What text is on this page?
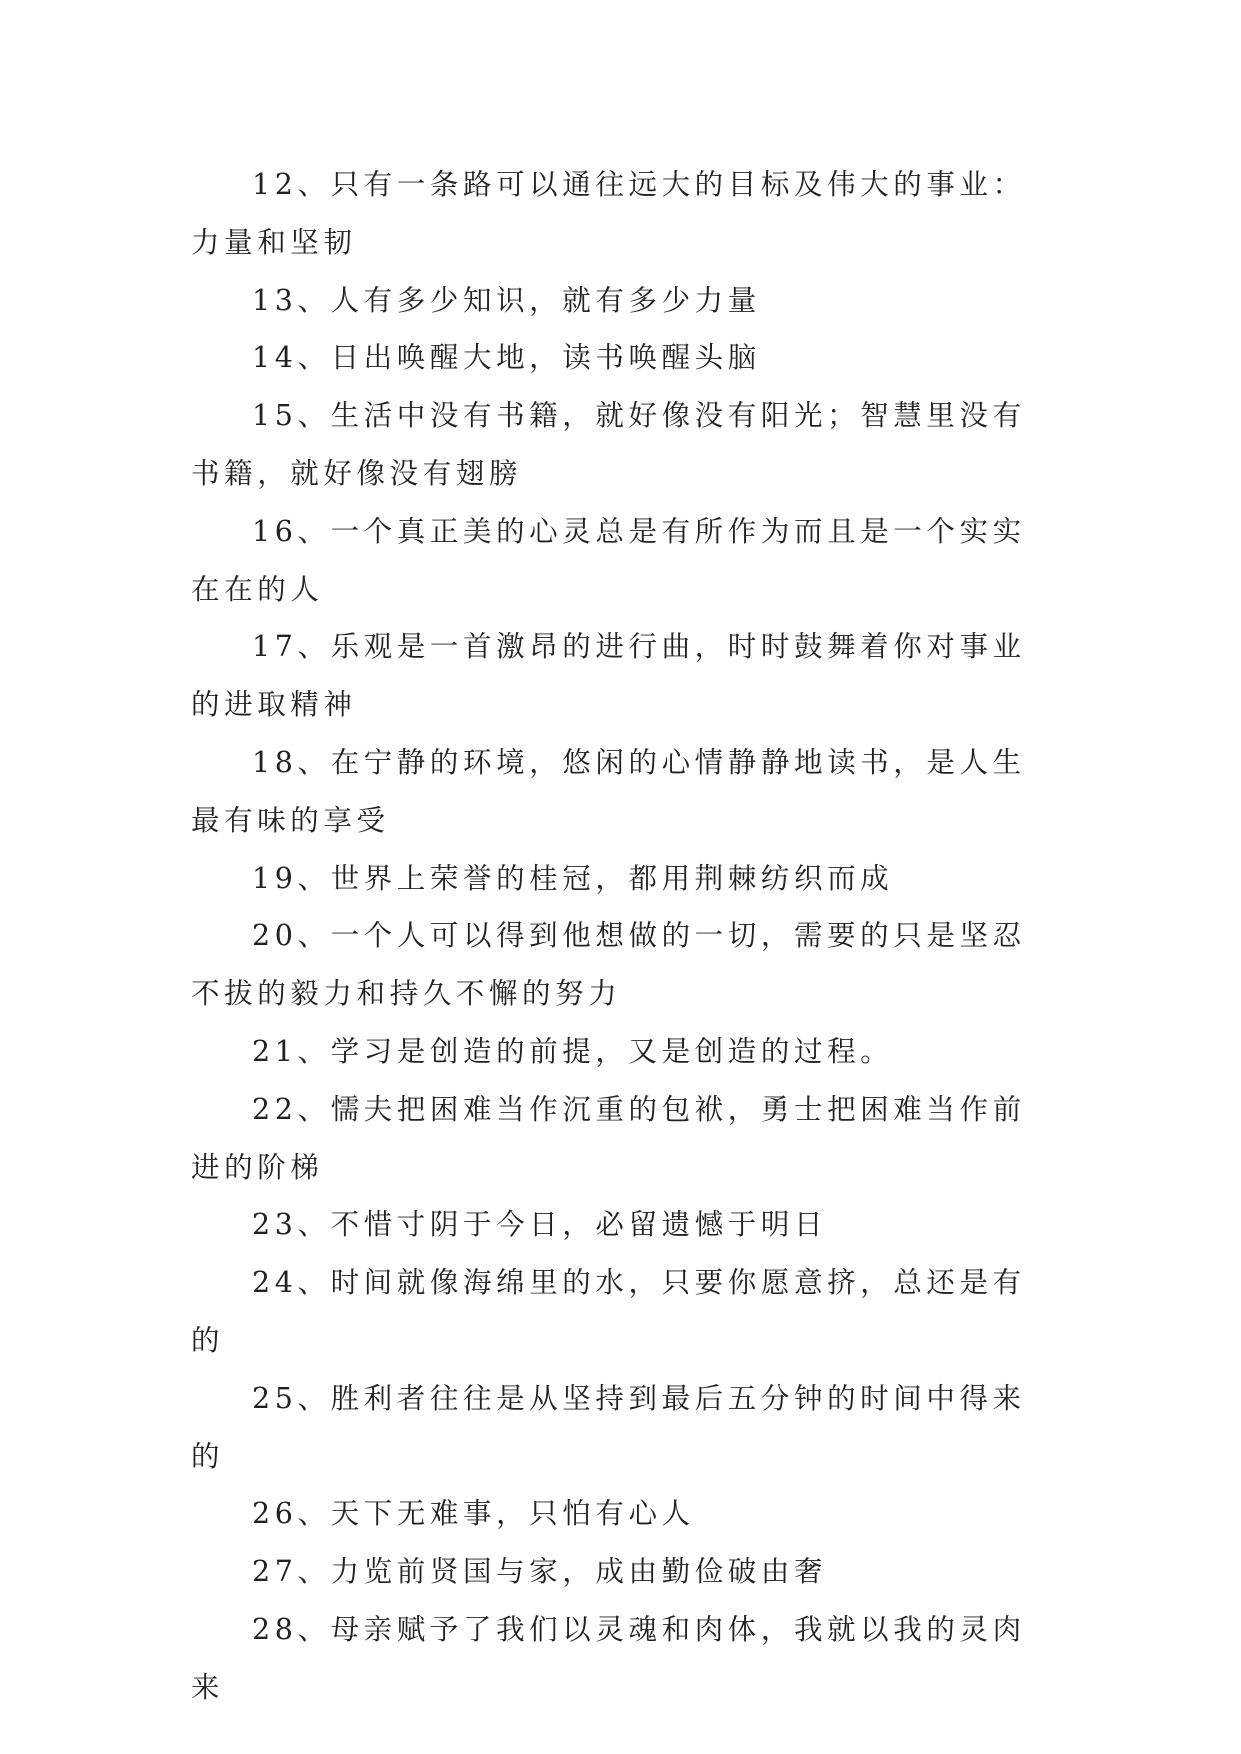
12、只有一条路可以通往远大的目标及伟大的事业：力量和坚韧

13、人有多少知识，就有多少力量

14、日出唤醒大地，读书唤醒头脑

15、生活中没有书籍，就好像没有阳光；智慧里没有书籍，就好像没有翅膀

16、一个真正美的心灵总是有所作为而且是一个实实在在的人

17、乐观是一首激昂的进行曲，时时鼓舞着你对事业的进取精神

18、在宁静的环境，悠闲的心情静静地读书，是人生最有味的享受

19、世界上荣誉的桂冠，都用荆棘纺织而成

20、一个人可以得到他想做的一切，需要的只是坚忍不拔的毅力和持久不懈的努力

21、学习是创造的前提，又是创造的过程。

22、懦夫把困难当作沉重的包袱，勇士把困难当作前进的阶梯

23、不惜寸阴于今日，必留遗憾于明日

24、时间就像海绵里的水，只要你愿意挤，总还是有的

25、胜利者往往是从坚持到最后五分钟的时间中得来的

26、天下无难事，只怕有心人

27、力览前贤国与家，成由勤俭破由奢

28、母亲赋予了我们以灵魂和肉体，我就以我的灵肉来
